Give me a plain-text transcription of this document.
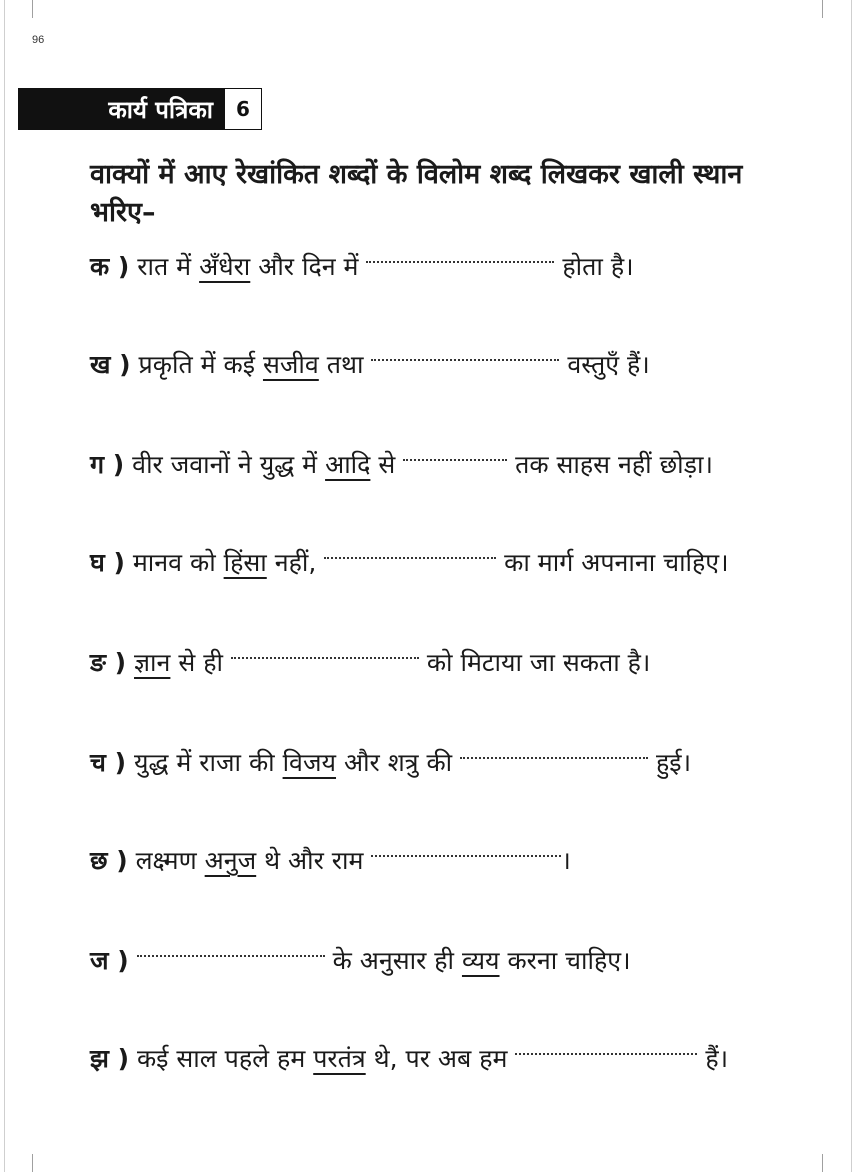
96
कार्य पत्रिका	6
वाक्यों में आए रेखांकित शब्दों के विलोम शब्द लिखकर खाली स्थान भरिए–
क ) रात में अँधेरा और दिन में	होता है।
ख ) प्रकृति में कई सजीव तथा	वस्तुएँ हैं।
ग ) वीर जवानों ने युद्ध में आदि से	तक साहस नहीं छोड़ा।
घ ) मानव को हिंसा नहीं,	का मार्ग अपनाना चाहिए।
ङ ) ज्ञान से ही	को मिटाया जा सकता है।
च ) युद्ध में राजा की विजय और शत्रु की	हुई।
छ ) लक्ष्मण अनुज थे और राम	।
ज )	के अनुसार ही व्यय करना चाहिए।
झ ) कई साल पहले हम परतंत्र थे, पर अब हम	हैं।
